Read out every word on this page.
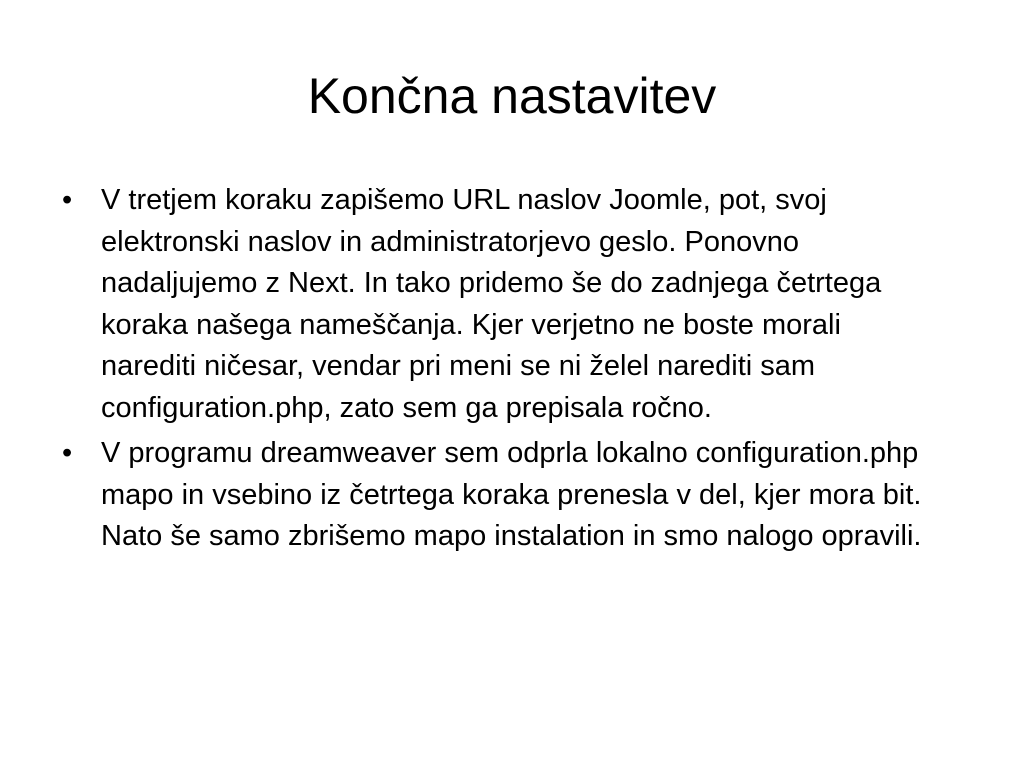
Končna nastavitev
• V tretjem koraku zapišemo URL naslov Joomle, pot, svoj elektronski naslov in administratorjevo geslo. Ponovno nadaljujemo z Next. In tako pridemo še do zadnjega četrtega koraka našega nameščanja. Kjer verjetno ne boste morali narediti ničesar, vendar pri meni se ni želel narediti sam configuration.php, zato sem ga prepisala ročno.
• V programu dreamweaver sem odprla lokalno configuration.php mapo in vsebino iz četrtega koraka prenesla v del, kjer mora bit. Nato še samo zbrišemo mapo instalation in smo nalogo opravili.
